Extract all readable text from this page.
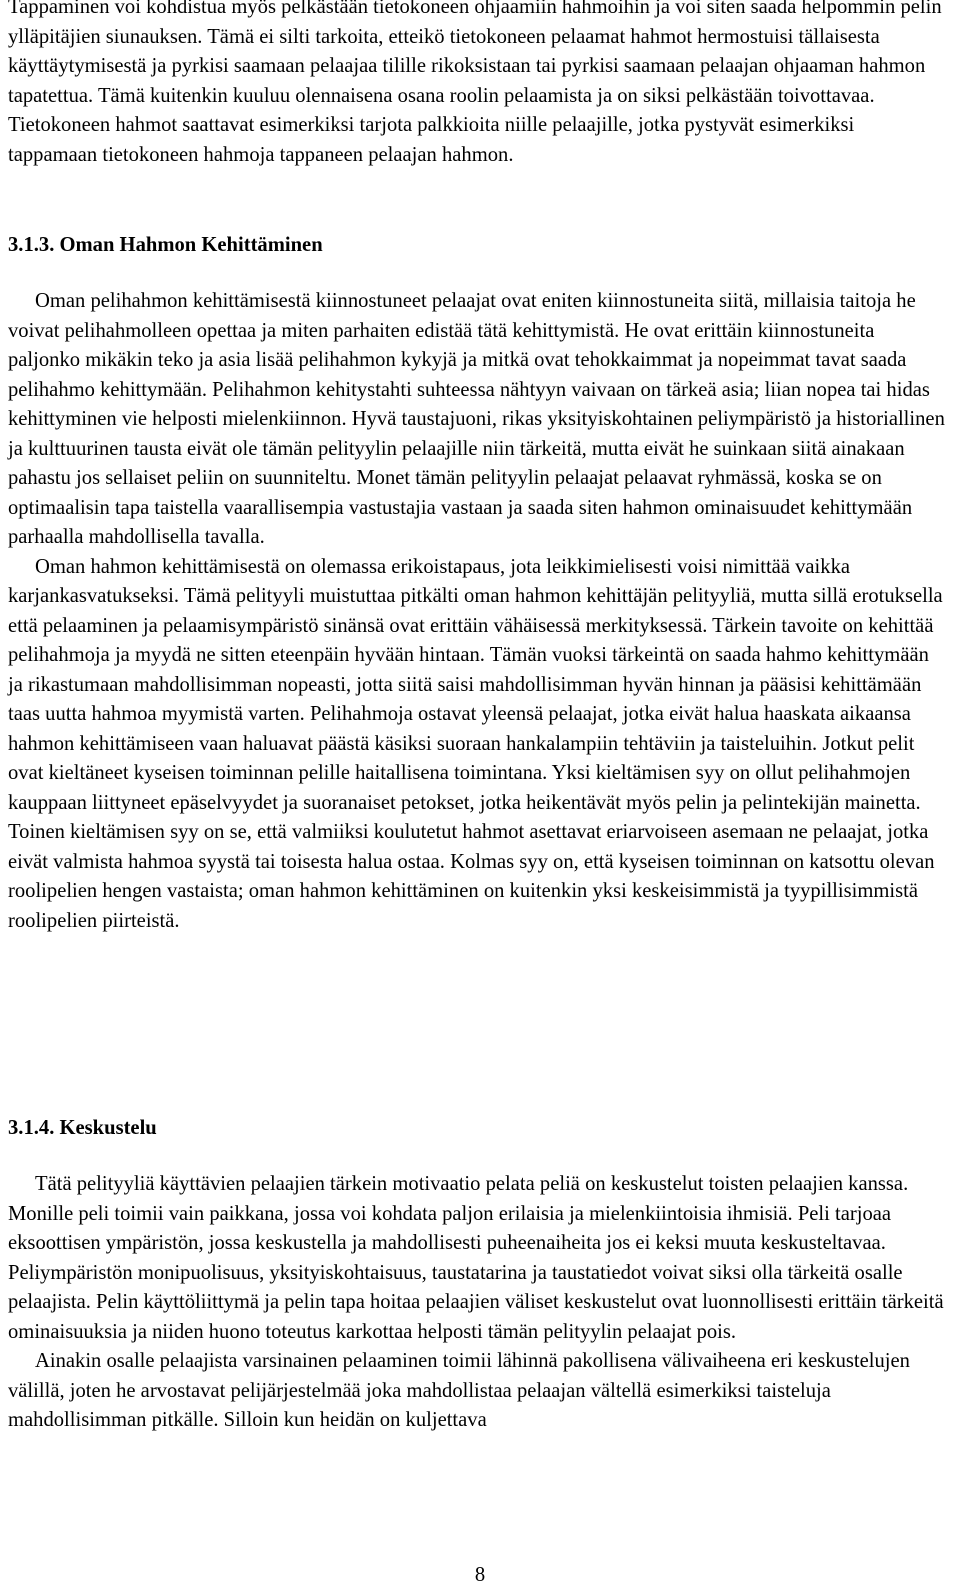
Tappaminen voi kohdistua myös pelkästään tietokoneen ohjaamiin hahmoihin ja voi siten saada helpommin pelin ylläpitäjien siunauksen. Tämä ei silti tarkoita, etteikö tietokoneen pelaamat hahmot hermostuisi tällaisesta käyttäytymisestä ja pyrkisi saamaan pelaajaa tilille rikoksistaan tai pyrkisi saamaan pelaajan ohjaaman hahmon tapatettua. Tämä kuitenkin kuuluu olennaisena osana roolin pelaamista ja on siksi pelkästään toivottavaa. Tietokoneen hahmot saattavat esimerkiksi tarjota palkkioita niille pelaajille, jotka pystyvät esimerkiksi tappamaan tietokoneen hahmoja tappaneen pelaajan hahmon.

3.1.3. Oman Hahmon Kehittäminen

Oman pelihahmon kehittämisestä kiinnostuneet pelaajat ovat eniten kiinnostuneita siitä, millaisia taitoja he voivat pelihahmolleen opettaa ja miten parhaiten edistää tätä kehittymistä. He ovat erittäin kiinnostuneita paljonko mikäkin teko ja asia lisää pelihahmon kykyjä ja mitkä ovat tehokkaimmat ja nopeimmat tavat saada pelihahmo kehittymään. Pelihahmon kehitystahti suhteessa nähtyyn vaivaan on tärkeä asia; liian nopea tai hidas kehittyminen vie helposti mielenkiinnon. Hyvä taustajuoni, rikas yksityiskohtainen peliympäristö ja historiallinen ja kulttuurinen tausta eivät ole tämän pelityylin pelaajille niin tärkeitä, mutta eivät he suinkaan siitä ainakaan pahastu jos sellaiset peliin on suunniteltu. Monet tämän pelityylin pelaajat pelaavat ryhmässä, koska se on optimaalisin tapa taistella vaarallisempia vastustajia vastaan ja saada siten hahmon ominaisuudet kehittymään parhaalla mahdollisella tavalla.

Oman hahmon kehittämisestä on olemassa erikoistapaus, jota leikkimielisesti voisi nimittää vaikka karjankasvatukseksi. Tämä pelityyli muistuttaa pitkälti oman hahmon kehittäjän pelityyliä, mutta sillä erotuksella että pelaaminen ja pelaamisympäristö sinänsä ovat erittäin vähäisessä merkityksessä. Tärkein tavoite on kehittää pelihahmoja ja myydä ne sitten eteenpäin hyvään hintaan. Tämän vuoksi tärkeintä on saada hahmo kehittymään ja rikastumaan mahdollisimman nopeasti, jotta siitä saisi mahdollisimman hyvän hinnan ja pääsisi kehittämään taas uutta hahmoa myymistä varten. Pelihahmoja ostavat yleensä pelaajat, jotka eivät halua haaskata aikaansa hahmon kehittämiseen vaan haluavat päästä käsiksi suoraan hankalampiin tehtäviin ja taisteluihin. Jotkut pelit ovat kieltäneet kyseisen toiminnan pelille haitallisena toimintana. Yksi kieltämisen syy on ollut pelihahmojen kauppaan liittyneet epäselvyydet ja suoranaiset petokset, jotka heikentävät myös pelin ja pelintekijän mainetta. Toinen kieltämisen syy on se, että valmiiksi koulutetut hahmot asettavat eriarvoiseen asemaan ne pelaajat, jotka eivät valmista hahmoa syystä tai toisesta halua ostaa. Kolmas syy on, että kyseisen toiminnan on katsottu olevan roolipelien hengen vastaista; oman hahmon kehittäminen on kuitenkin yksi keskeisimmistä ja tyypillisimmistä roolipelien piirteistä.

3.1.4. Keskustelu

Tätä pelityyliä käyttävien pelaajien tärkein motivaatio pelata peliä on keskustelut toisten pelaajien kanssa. Monille peli toimii vain paikkana, jossa voi kohdata paljon erilaisia ja mielenkiintoisia ihmisiä. Peli tarjoaa eksoottisen ympäristön, jossa keskustella ja mahdollisesti puheenaiheita jos ei keksi muuta keskusteltavaa. Peliympäristön monipuolisuus, yksityiskohtaisuus, taustatarina ja taustatiedot voivat siksi olla tärkeitä osalle pelaajista. Pelin käyttöliittymä ja pelin tapa hoitaa pelaajien väliset keskustelut ovat luonnollisesti erittäin tärkeitä ominaisuuksia ja niiden huono toteutus karkottaa helposti tämän pelityylin pelaajat pois.

Ainakin osalle pelaajista varsinainen pelaaminen toimii lähinnä pakollisena välivaiheena eri keskustelujen välillä, joten he arvostavat pelijärjestelmää joka mahdollistaa pelaajan vältellä esimerkiksi taisteluja mahdollisimman pitkälle. Silloin kun heidän on kuljettava

8
